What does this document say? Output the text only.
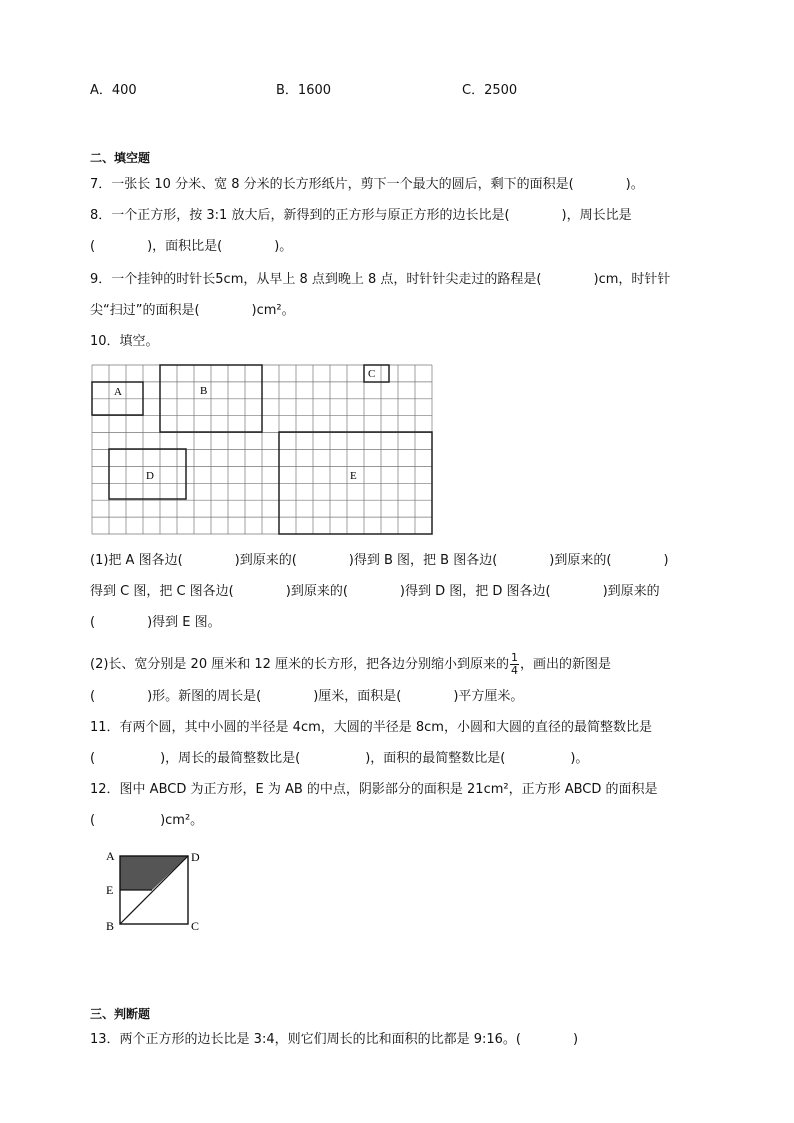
A．400	B．1600	C．2500
二、填空题
7．一张长 10 分米、宽 8 分米的长方形纸片，剪下一个最大的圆后，剩下的面积是(　　　　)。
8．一个正方形，按 3:1 放大后，新得到的正方形与原正方形的边长比是(　　　　)，周长比是
(　　　　)，面积比是(　　　　)。
9．一个挂钟的时针长5cm，从早上 8 点到晚上 8 点，时针针尖走过的路程是(　　　　)cm，时针针
尖“扫过”的面积是(　　　　)cm²。
10．填空。
A	B
C
D	E
(1)把 A 图各边(　　　　)到原来的(　　　　)得到 B 图，把 B 图各边(　　　　)到原来的(　　　　)
得到 C 图，把 C 图各边(　　　　)到原来的(　　　　)得到 D 图，把 D 图各边(　　　　)到原来的
(　　　　)得到 E 图。
(2)长、宽分别是 20 厘米和 12 厘米的长方形，把各边分别缩小到原来的 $\frac{1}{4}$ ，画出的新图是
(　　　　)形。新图的周长是(　　　　)厘米，面积是(　　　　)平方厘米。
11．有两个圆，其中小圆的半径是 4cm，大圆的半径是 8cm，小圆和大圆的直径的最简整数比是
(　　　　　)，周长的最简整数比是(　　　　　)，面积的最简整数比是(　　　　　)。
12．图中 ABCD 为正方形，E 为 AB 的中点，阴影部分的面积是 21cm²，正方形 ABCD 的面积是
(　　　　　)cm²。
A	D
E
B	C
三、判断题
13．两个正方形的边长比是 3:4，则它们周长的比和面积的比都是 9:16。(　　　　)
